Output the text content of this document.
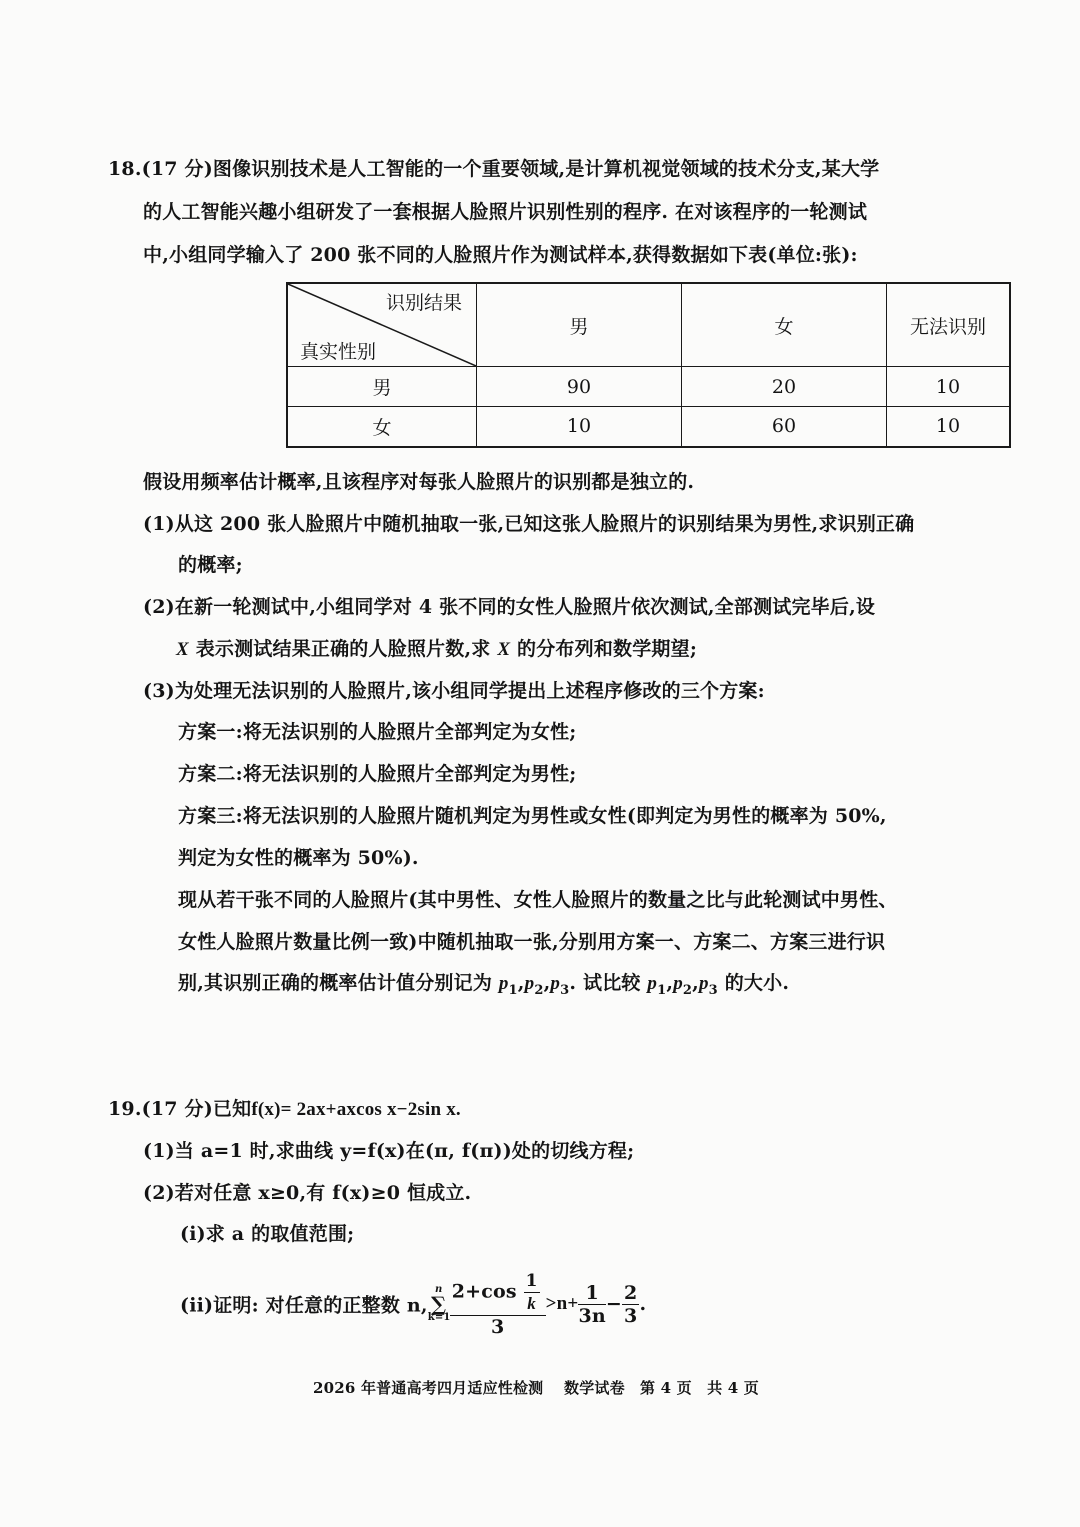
18.(17 分)图像识别技术是人工智能的一个重要领域,是计算机视觉领域的技术分支,某大学
的人工智能兴趣小组研发了一套根据人脸照片识别性别的程序. 在对该程序的一轮测试
中,小组同学输入了 200 张不同的人脸照片作为测试样本,获得数据如下表(单位:张):
识别结果
真实性别	男	女	无法识别
男	90	20	10
女	10	60	10
假设用频率估计概率,且该程序对每张人脸照片的识别都是独立的.
(1)从这 200 张人脸照片中随机抽取一张,已知这张人脸照片的识别结果为男性,求识别正确
的概率;
(2)在新一轮测试中,小组同学对 4 张不同的女性人脸照片依次测试,全部测试完毕后,设
X 表示测试结果正确的人脸照片数,求 X 的分布列和数学期望;
(3)为处理无法识别的人脸照片,该小组同学提出上述程序修改的三个方案:
方案一:将无法识别的人脸照片全部判定为女性;
方案二:将无法识别的人脸照片全部判定为男性;
方案三:将无法识别的人脸照片随机判定为男性或女性(即判定为男性的概率为 50%,
判定为女性的概率为 50%).
现从若干张不同的人脸照片(其中男性、女性人脸照片的数量之比与此轮测试中男性、
女性人脸照片数量比例一致)中随机抽取一张,分别用方案一、方案二、方案三进行识
别,其识别正确的概率估计值分别记为 $p_1,p_2,p_3$. 试比较 $p_1,p_2,p_3$ 的大小.
19.(17 分)已知f(x)= 2ax+axcos x−2sin x.
(1)当 a=1 时,求曲线 y=f(x)在(π, f(π))处的切线方程;
(2)若对任意 x≥0,有 f(x)≥0 恒成立.
(i)求 a 的取值范围;
(ii)证明: 对任意的正整数 n,
n
∑
$k=1 \frac{2+\cos \frac{1}{k}}{3} >n+ \frac{1}{3n} - \frac{2}{3}$ .
2026 年普通高考四月适应性检测　 数学试卷　第 4 页　共 4 页
